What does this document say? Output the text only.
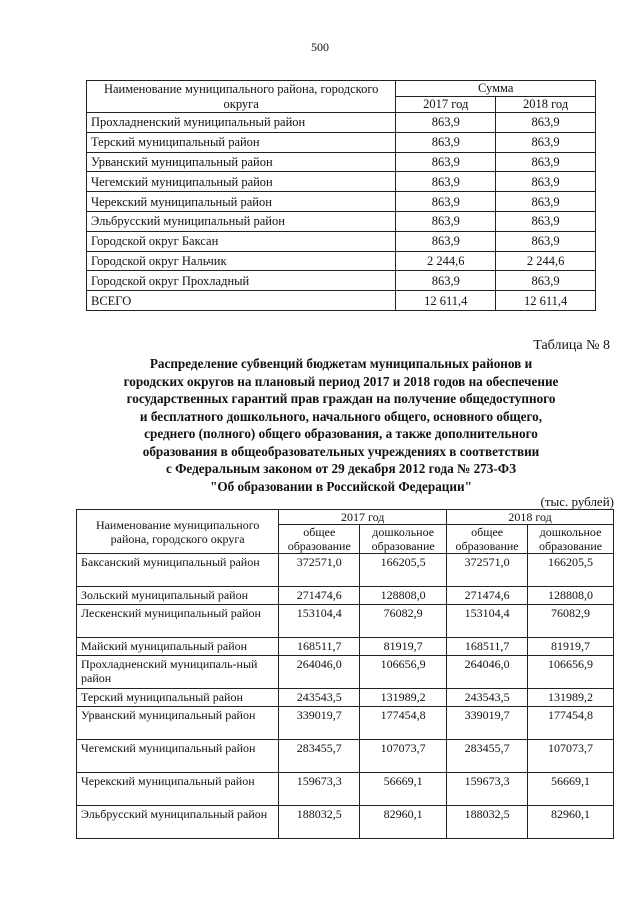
500
Наименование муниципального района, городского округа	Сумма	
	2017 год	2018 год
Прохладненский муниципальный район	863,9	863,9
Терский муниципальный район	863,9	863,9
Урванский муниципальный район	863,9	863,9
Чегемский муниципальный район	863,9	863,9
Черекский муниципальный район	863,9	863,9
Эльбрусский муниципальный район	863,9	863,9
Городской округ Баксан	863,9	863,9
Городской округ Нальчик	2 244,6	2 244,6
Городской округ Прохладный	863,9	863,9
ВСЕГО	12 611,4	12 611,4
Таблица № 8
Распределение субвенций бюджетам муниципальных районов и
городских округов на плановый период 2017 и 2018 годов на обеспечение
государственных гарантий прав граждан на получение общедоступного
и бесплатного дошкольного, начального общего, основного общего,
среднего (полного) общего образования, а также дополнительного
образования в общеобразовательных учреждениях в соответствии
с Федеральным законом от 29 декабря 2012 года № 273-ФЗ
"Об образовании в Российской Федерации"
(тыс. рублей)
Наименование муниципального района, городского округа	2017 год		2018 год	
	общее образование	дошкольное образование	общее образование	дошкольное образование
Баксанский муниципальный район	372571,0	166205,5	372571,0	166205,5
Зольский муниципальный район	271474,6	128808,0	271474,6	128808,0
Лескенский муниципальный район	153104,4	76082,9	153104,4	76082,9
Майский муниципальный район	168511,7	81919,7	168511,7	81919,7
Прохладненский муниципаль-ный район	264046,0	106656,9	264046,0	106656,9
Терский муниципальный район	243543,5	131989,2	243543,5	131989,2
Урванский муниципальный район	339019,7	177454,8	339019,7	177454,8
Чегемский муниципальный район	283455,7	107073,7	283455,7	107073,7
Черекский муниципальный район	159673,3	56669,1	159673,3	56669,1
Эльбрусский муниципальный район	188032,5	82960,1	188032,5	82960,1
